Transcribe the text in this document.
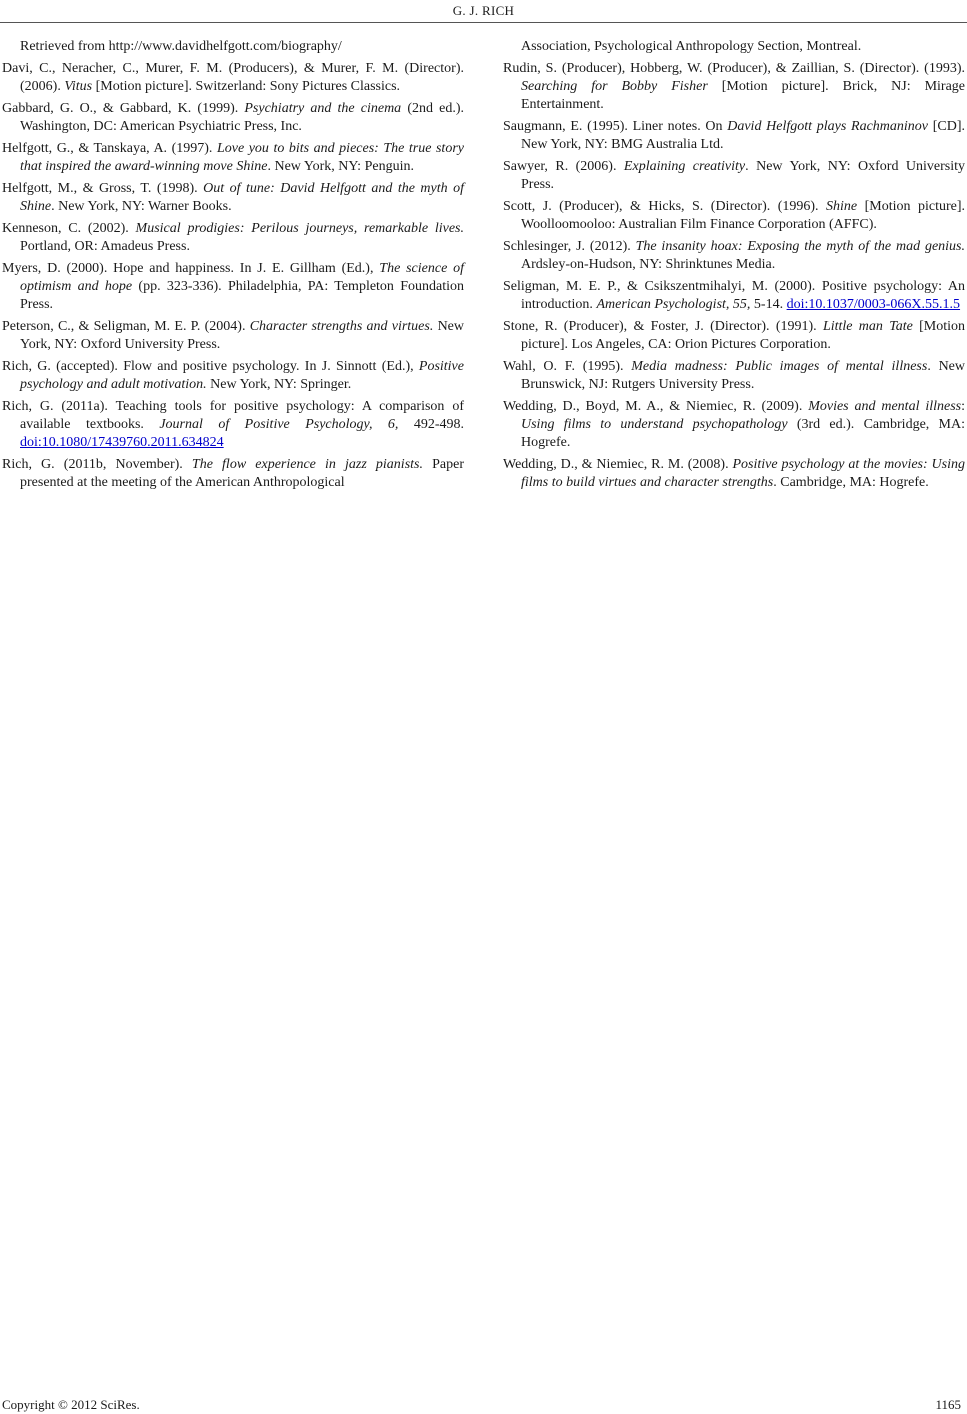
G. J. RICH

Retrieved from http://www.davidhelfgott.com/biography/

Davi, C., Neracher, C., Murer, F. M. (Producers), & Murer, F. M. (Director). (2006). Vitus [Motion picture]. Switzerland: Sony Pictures Classics.

Gabbard, G. O., & Gabbard, K. (1999). Psychiatry and the cinema (2nd ed.). Washington, DC: American Psychiatric Press, Inc.

Helfgott, G., & Tanskaya, A. (1997). Love you to bits and pieces: The true story that inspired the award-winning move Shine. New York, NY: Penguin.

Helfgott, M., & Gross, T. (1998). Out of tune: David Helfgott and the myth of Shine. New York, NY: Warner Books.

Kenneson, C. (2002). Musical prodigies: Perilous journeys, remarkable lives. Portland, OR: Amadeus Press.

Myers, D. (2000). Hope and happiness. In J. E. Gillham (Ed.), The science of optimism and hope (pp. 323-336). Philadelphia, PA: Templeton Foundation Press.

Peterson, C., & Seligman, M. E. P. (2004). Character strengths and virtues. New York, NY: Oxford University Press.

Rich, G. (accepted). Flow and positive psychology. In J. Sinnott (Ed.), Positive psychology and adult motivation. New York, NY: Springer.

Rich, G. (2011a). Teaching tools for positive psychology: A comparison of available textbooks. Journal of Positive Psychology, 6, 492-498. doi:10.1080/17439760.2011.634824

Rich, G. (2011b, November). The flow experience in jazz pianists. Paper presented at the meeting of the American Anthropological

Association, Psychological Anthropology Section, Montreal.

Rudin, S. (Producer), Hobberg, W. (Producer), & Zaillian, S. (Director). (1993). Searching for Bobby Fisher [Motion picture]. Brick, NJ: Mirage Entertainment.

Saugmann, E. (1995). Liner notes. On David Helfgott plays Rachmaninov [CD]. New York, NY: BMG Australia Ltd.

Sawyer, R. (2006). Explaining creativity. New York, NY: Oxford University Press.

Scott, J. (Producer), & Hicks, S. (Director). (1996). Shine [Motion picture]. Woolloomooloo: Australian Film Finance Corporation (AFFC).

Schlesinger, J. (2012). The insanity hoax: Exposing the myth of the mad genius. Ardsley-on-Hudson, NY: Shrinktunes Media.

Seligman, M. E. P., & Csikszentmihalyi, M. (2000). Positive psychology: An introduction. American Psychologist, 55, 5-14. doi:10.1037/0003-066X.55.1.5

Stone, R. (Producer), & Foster, J. (Director). (1991). Little man Tate [Motion picture]. Los Angeles, CA: Orion Pictures Corporation.

Wahl, O. F. (1995). Media madness: Public images of mental illness. New Brunswick, NJ: Rutgers University Press.

Wedding, D., Boyd, M. A., & Niemiec, R. (2009). Movies and mental illness: Using films to understand psychopathology (3rd ed.). Cambridge, MA: Hogrefe.

Wedding, D., & Niemiec, R. M. (2008). Positive psychology at the movies: Using films to build virtues and character strengths. Cambridge, MA: Hogrefe.

Copyright © 2012 SciRes.	1165
